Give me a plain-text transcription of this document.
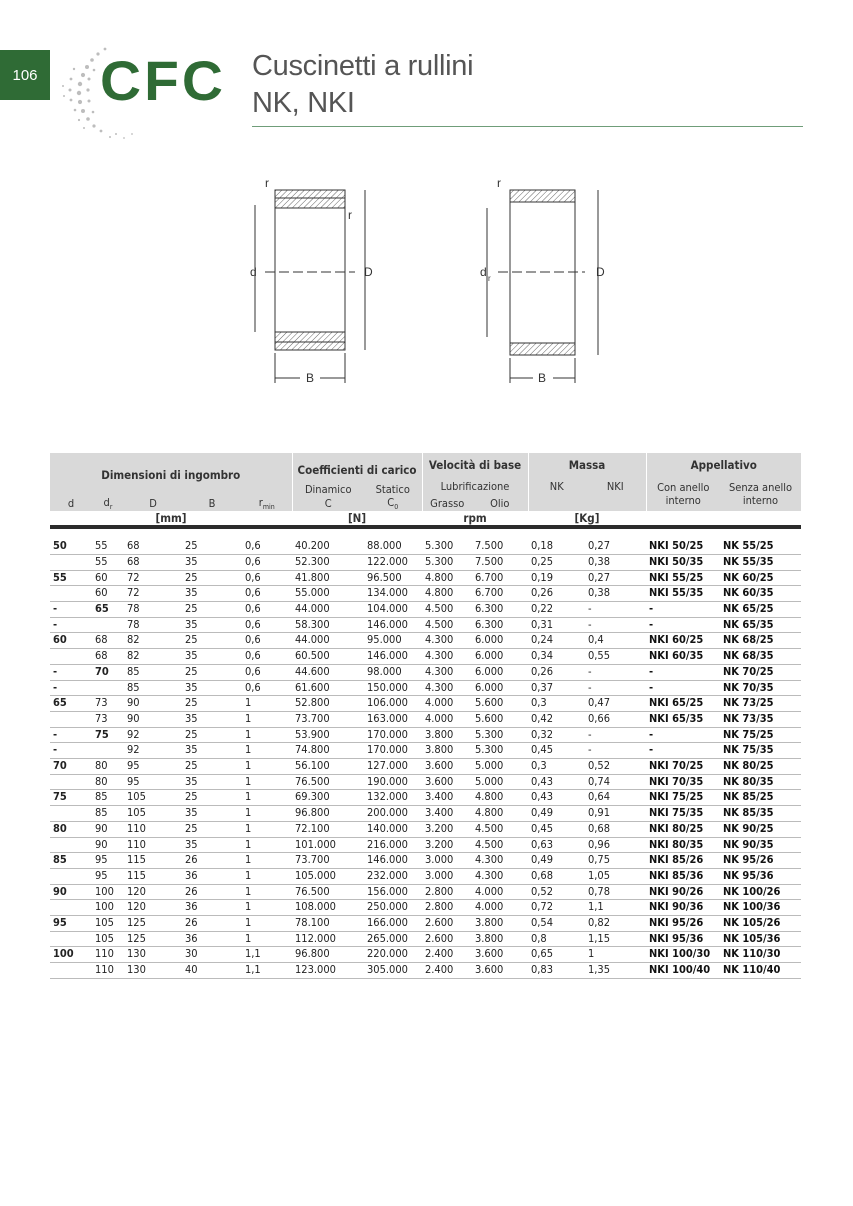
106 CFC Cuscinetti a rullini
NK, NKI
r
r
d	D
B
r
d r	D
B
Dimensioni di ingombro					Coefficienti di carico		Velocità di base		Massa		Appellativo	
					Dinamico	Statico	Lubrificazione		NK	NKI	Con anello interno	Senza anello interno
d	$d_r$	D	B	$r_{min}$	C	$C_0$	Grasso	Olio				
[mm]					[N]		rpm		[Kg]			

50	55	68	25	0,6	40.200	88.000	5.300	7.500	0,18	0,27	NKI 50/25	NK 55/25
	55	68	35	0,6	52.300	122.000	5.300	7.500	0,25	0,38	NKI 50/35	NK 55/35
55	60	72	25	0,6	41.800	96.500	4.800	6.700	0,19	0,27	NKI 55/25	NK 60/25
	60	72	35	0,6	55.000	134.000	4.800	6.700	0,26	0,38	NKI 55/35	NK 60/35
-	65	78	25	0,6	44.000	104.000	4.500	6.300	0,22	-	-	NK 65/25
-		78	35	0,6	58.300	146.000	4.500	6.300	0,31	-	-	NK 65/35
60	68	82	25	0,6	44.000	95.000	4.300	6.000	0,24	0,4	NKI 60/25	NK 68/25
	68	82	35	0,6	60.500	146.000	4.300	6.000	0,34	0,55	NKI 60/35	NK 68/35
-	70	85	25	0,6	44.600	98.000	4.300	6.000	0,26	-	-	NK 70/25
-		85	35	0,6	61.600	150.000	4.300	6.000	0,37	-	-	NK 70/35
65	73	90	25	1	52.800	106.000	4.000	5.600	0,3	0,47	NKI 65/25	NK 73/25
	73	90	35	1	73.700	163.000	4.000	5.600	0,42	0,66	NKI 65/35	NK 73/35
-	75	92	25	1	53.900	170.000	3.800	5.300	0,32	-	-	NK 75/25
-		92	35	1	74.800	170.000	3.800	5.300	0,45	-	-	NK 75/35
70	80	95	25	1	56.100	127.000	3.600	5.000	0,3	0,52	NKI 70/25	NK 80/25
	80	95	35	1	76.500	190.000	3.600	5.000	0,43	0,74	NKI 70/35	NK 80/35
75	85	105	25	1	69.300	132.000	3.400	4.800	0,43	0,64	NKI 75/25	NK 85/25
	85	105	35	1	96.800	200.000	3.400	4.800	0,49	0,91	NKI 75/35	NK 85/35
80	90	110	25	1	72.100	140.000	3.200	4.500	0,45	0,68	NKI 80/25	NK 90/25
	90	110	35	1	101.000	216.000	3.200	4.500	0,63	0,96	NKI 80/35	NK 90/35
85	95	115	26	1	73.700	146.000	3.000	4.300	0,49	0,75	NKI 85/26	NK 95/26
	95	115	36	1	105.000	232.000	3.000	4.300	0,68	1,05	NKI 85/36	NK 95/36
90	100	120	26	1	76.500	156.000	2.800	4.000	0,52	0,78	NKI 90/26	NK 100/26
	100	120	36	1	108.000	250.000	2.800	4.000	0,72	1,1	NKI 90/36	NK 100/36
95	105	125	26	1	78.100	166.000	2.600	3.800	0,54	0,82	NKI 95/26	NK 105/26
	105	125	36	1	112.000	265.000	2.600	3.800	0,8	1,15	NKI 95/36	NK 105/36
100	110	130	30	1,1	96.800	220.000	2.400	3.600	0,65	1	NKI 100/30	NK 110/30
	110	130	40	1,1	123.000	305.000	2.400	3.600	0,83	1,35	NKI 100/40	NK 110/40
